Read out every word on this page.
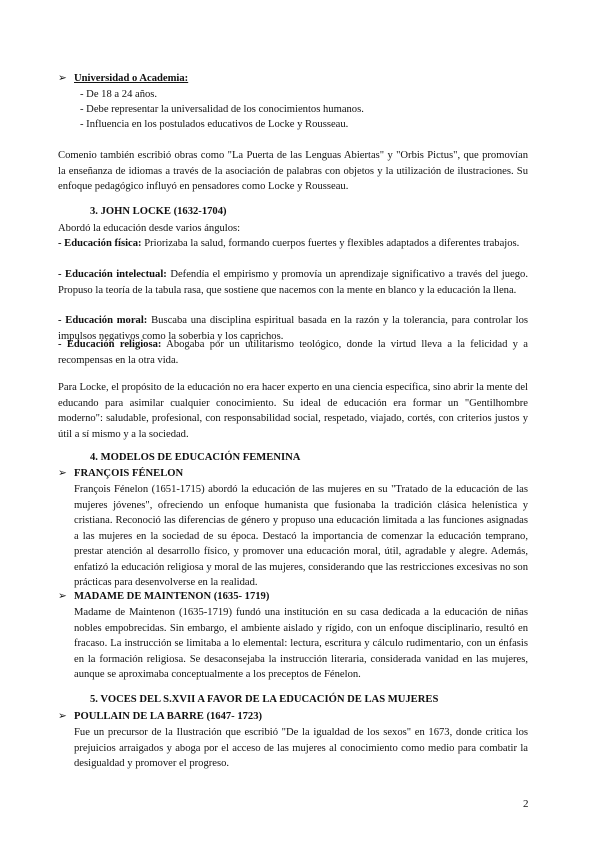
➢ Universidad o Academia:
- De 18 a 24 años.
- Debe representar la universalidad de los conocimientos humanos.
- Influencia en los postulados educativos de Locke y Rousseau.

Comenio también escribió obras como "La Puerta de las Lenguas Abiertas" y "Orbis Pictus", que promovían la enseñanza de idiomas a través de la asociación de palabras con objetos y la utilización de ilustraciones. Su enfoque pedagógico influyó en pensadores como Locke y Rousseau.

3. JOHN LOCKE (1632-1704)

Abordó la educación desde varios ángulos:

- Educación física: Priorizaba la salud, formando cuerpos fuertes y flexibles adaptados a diferentes trabajos.

- Educación intelectual: Defendía el empirismo y promovía un aprendizaje significativo a través del juego. Propuso la teoría de la tabula rasa, que sostiene que nacemos con la mente en blanco y la educación la llena.

- Educación moral: Buscaba una disciplina espiritual basada en la razón y la tolerancia, para controlar los impulsos negativos como la soberbia y los caprichos.

- Educación religiosa: Abogaba por un utilitarismo teológico, donde la virtud lleva a la felicidad y a recompensas en la otra vida.

Para Locke, el propósito de la educación no era hacer experto en una ciencia específica, sino abrir la mente del educando para asimilar cualquier conocimiento. Su ideal de educación era formar un "Gentilhombre moderno": saludable, profesional, con responsabilidad social, respetado, viajado, cortés, con criterios justos y útil a sí mismo y a la sociedad.

4. MODELOS DE EDUCACIÓN FEMENINA
➢ FRANÇOIS FÉNELON

François Fénelon (1651-1715) abordó la educación de las mujeres en su "Tratado de la educación de las mujeres jóvenes", ofreciendo un enfoque humanista que fusionaba la tradición clásica helenística y cristiana. Reconoció las diferencias de género y propuso una educación limitada a las funciones asignadas a las mujeres en la sociedad de su época. Destacó la importancia de comenzar la educación temprano, prestar atención al desarrollo físico, y promover una educación moral, útil, agradable y alegre. Además, enfatizó la educación religiosa y moral de las mujeres, considerando que las restricciones excesivas no son prácticas para desenvolverse en la realidad.

➢ MADAME DE MAINTENON (1635- 1719)

Madame de Maintenon (1635-1719) fundó una institución en su casa dedicada a la educación de niñas nobles empobrecidas. Sin embargo, el ambiente aislado y rígido, con un enfoque disciplinario, resultó en fracaso. La instrucción se limitaba a lo elemental: lectura, escritura y cálculo rudimentario, con un énfasis en la formación religiosa. Se desaconsejaba la instrucción literaria, considerada vanidad en las mujeres, aunque se aproximaba conceptualmente a los preceptos de Fénelon.

5. VOCES DEL S.XVII A FAVOR DE LA EDUCACIÓN DE LAS MUJERES
➢ POULLAIN DE LA BARRE (1647- 1723)

Fue un precursor de la Ilustración que escribió "De la igualdad de los sexos" en 1673, donde critica los prejuicios arraigados y aboga por el acceso de las mujeres al conocimiento como medio para combatir la desigualdad y promover el progreso.

2
